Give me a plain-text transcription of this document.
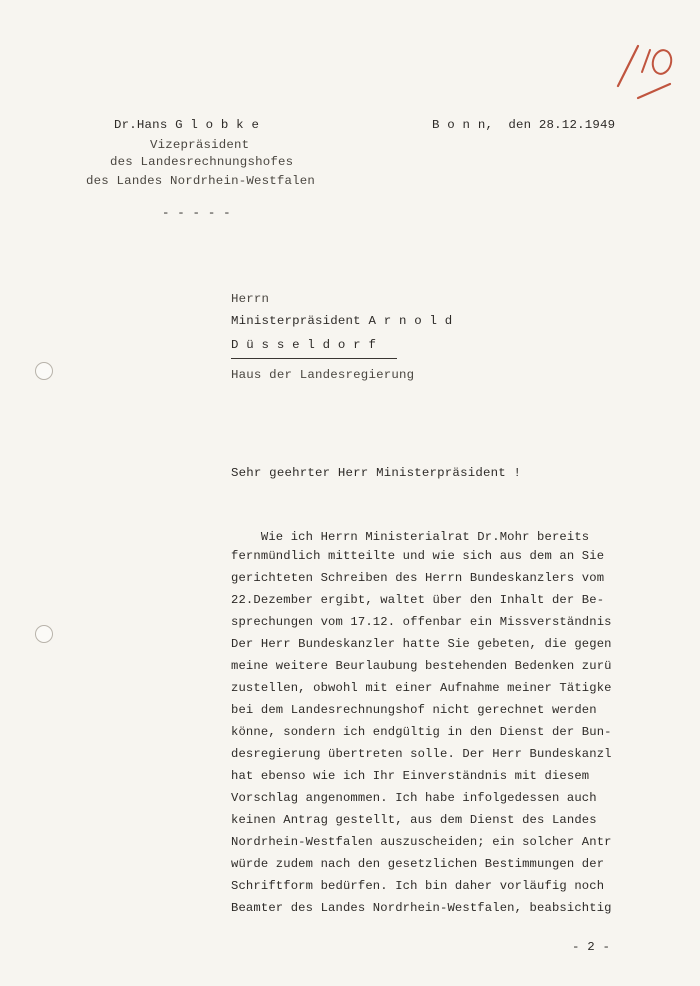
Dr.Hans G l o b k e
Vizepräsident
des Landesrechnungshofes
des Landes Nordrhein-Westfalen
- - - - -
B o n n,  den 28.12.1949
Herrn
Ministerpräsident A r n o l d
D ü s s e l d o r f
Haus der Landesregierung
Sehr geehrter Herr Ministerpräsident !
Wie ich Herrn Ministerialrat Dr.Mohr bereits
fernmündlich mitteilte und wie sich aus dem an Sie
gerichteten Schreiben des Herrn Bundeskanzlers vom
22.Dezember ergibt, waltet über den Inhalt der Be-
sprechungen vom 17.12. offenbar ein Missverständnis
Der Herr Bundeskanzler hatte Sie gebeten, die gegen
meine weitere Beurlaubung bestehenden Bedenken zurü
zustellen, obwohl mit einer Aufnahme meiner Tätigke
bei dem Landesrechnungshof nicht gerechnet werden
könne, sondern ich endgültig in den Dienst der Bun-
desregierung übertreten solle. Der Herr Bundeskanzl
hat ebenso wie ich Ihr Einverständnis mit diesem
Vorschlag angenommen. Ich habe infolgedessen auch
keinen Antrag gestellt, aus dem Dienst des Landes
Nordrhein-Westfalen auszuscheiden; ein solcher Antr
würde zudem nach den gesetzlichen Bestimmungen der
Schriftform bedürfen. Ich bin daher vorläufig noch
Beamter des Landes Nordrhein-Westfalen, beabsichtig
- 2 -
